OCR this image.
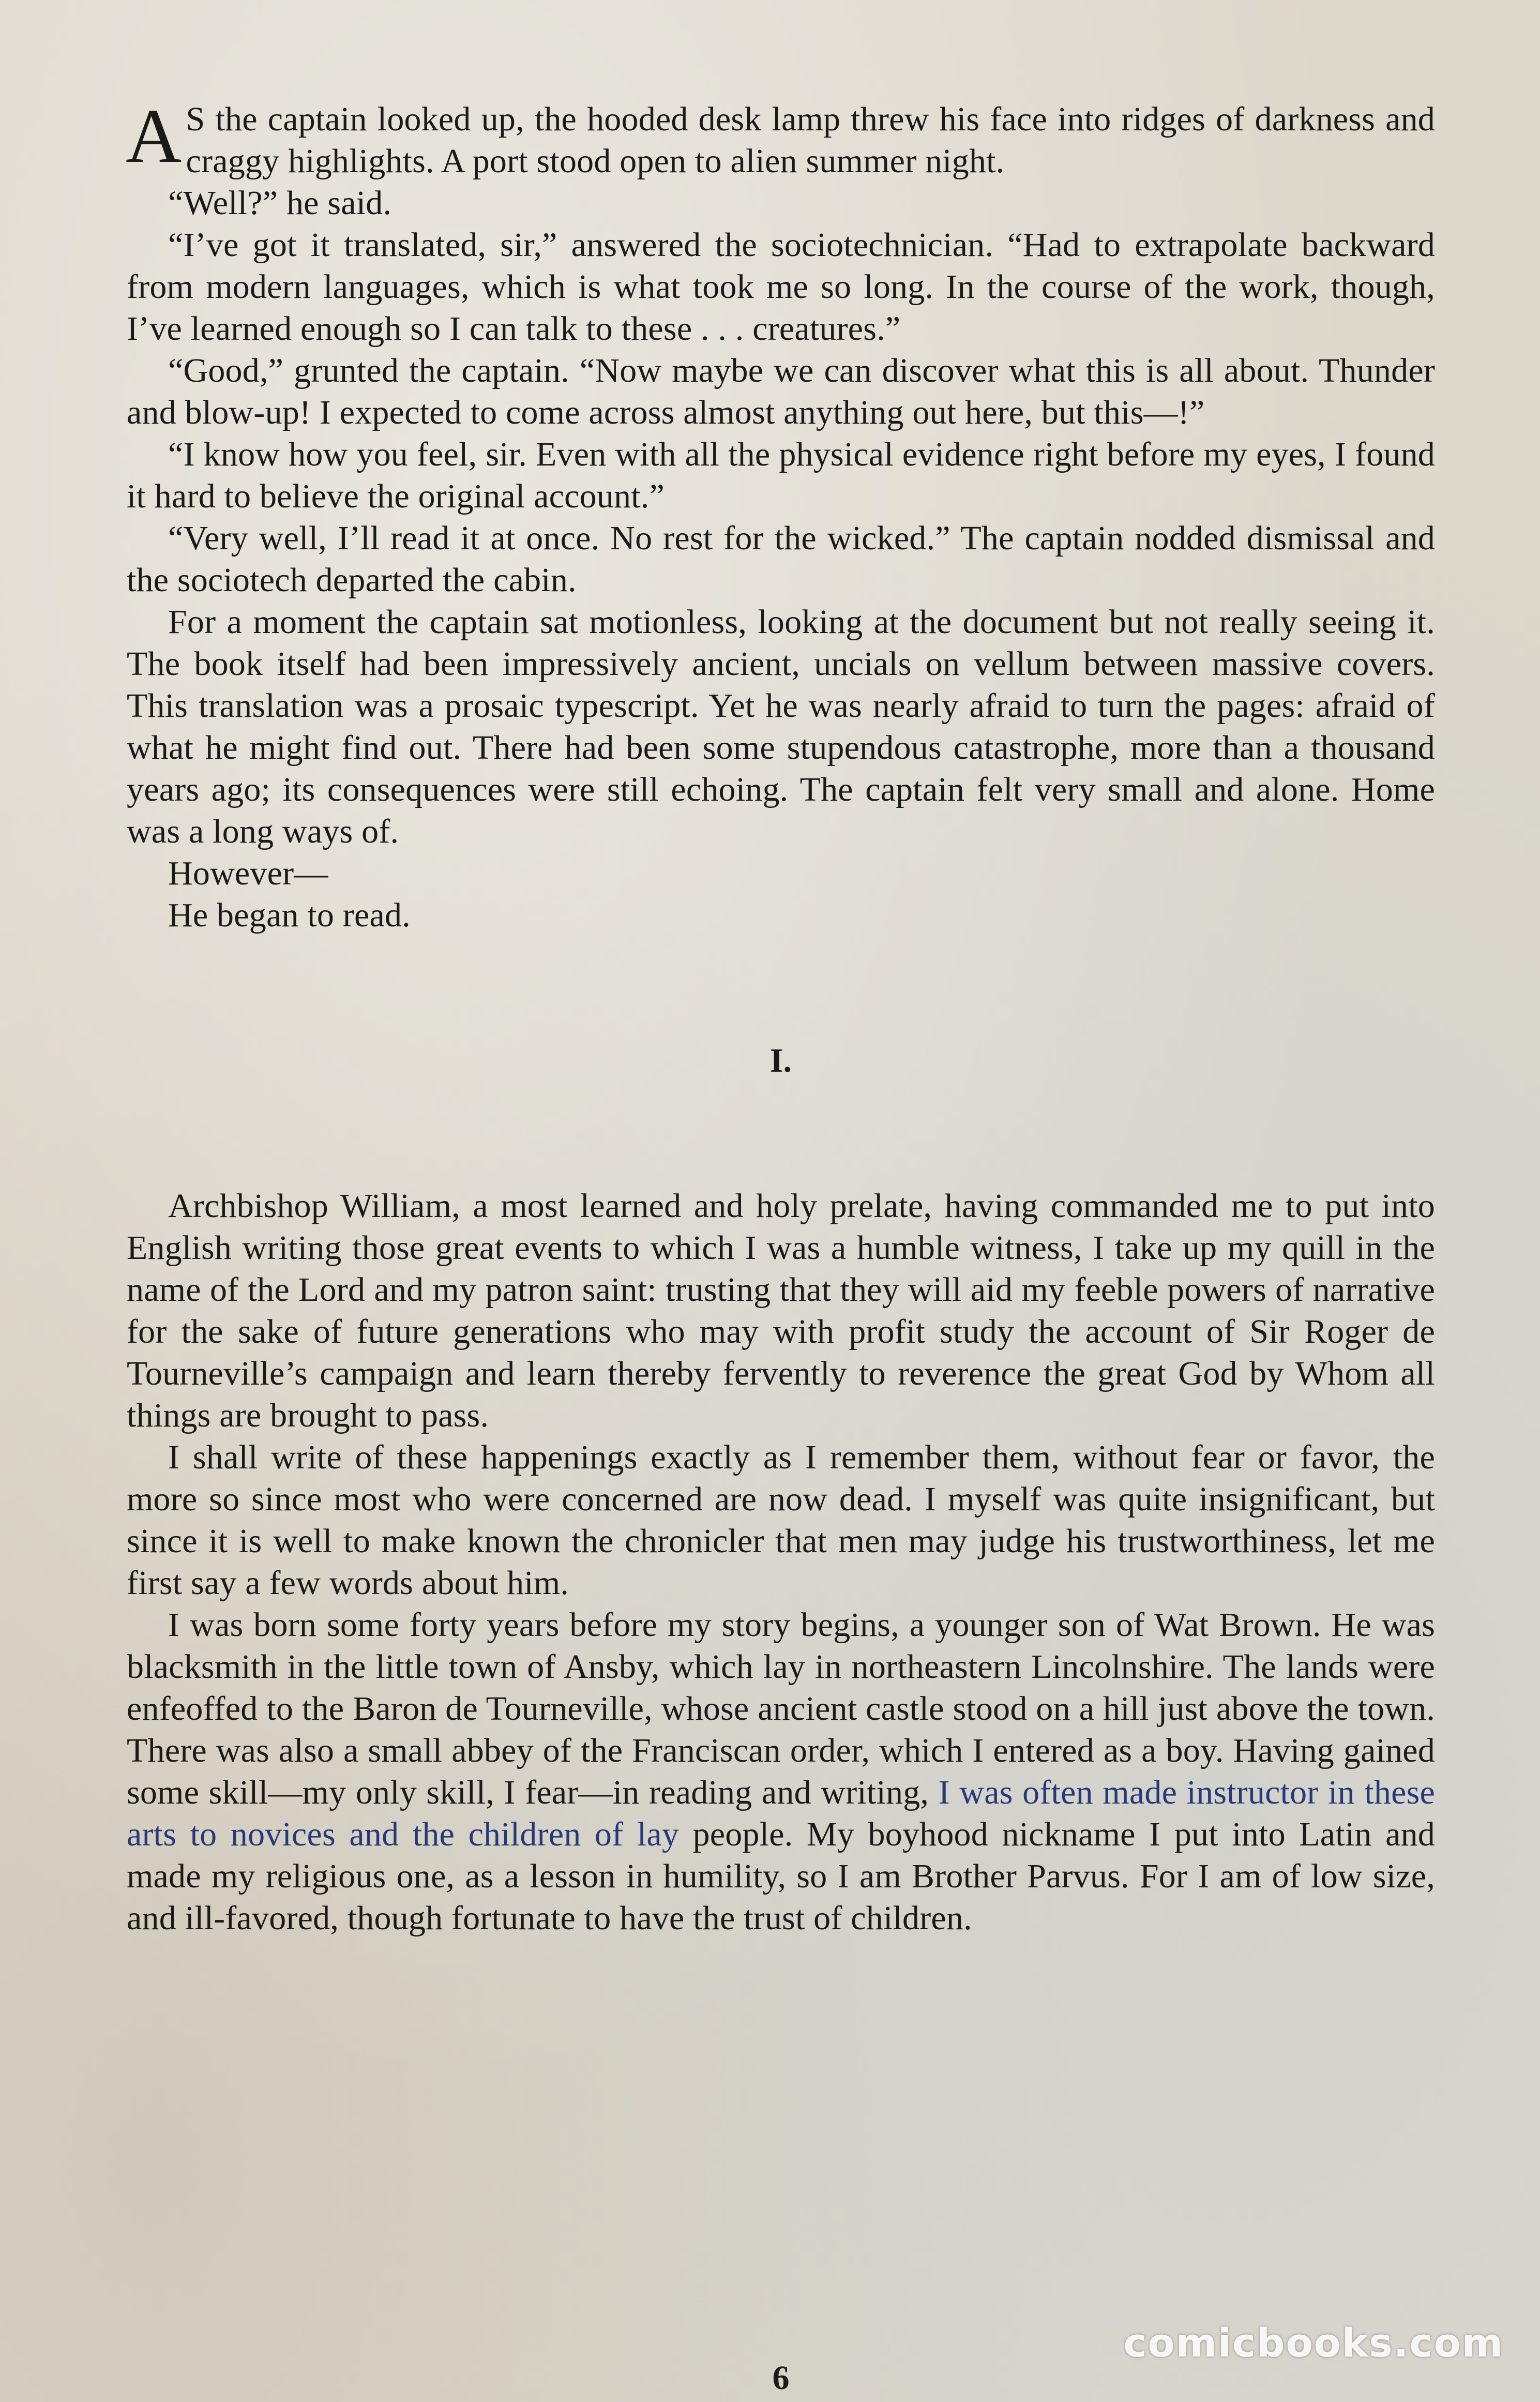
A S the captain looked up, the hooded desk lamp threw his face into ridges of darkness and craggy highlights. A port stood open to alien summer night.

“Well?” he said.

“I’ve got it translated, sir,” answered the sociotechnician. “Had to extrapolate backward from modern languages, which is what took me so long. In the course of the work, though, I’ve learned enough so I can talk to these . . . creatures.”

“Good,” grunted the captain. “Now maybe we can discover what this is all about. Thunder and blow-up! I expected to come across almost anything out here, but this—!”

“I know how you feel, sir. Even with all the physical evidence right before my eyes, I found it hard to believe the original account.”

“Very well, I’ll read it at once. No rest for the wicked.” The captain nodded dismissal and the sociotech departed the cabin.

For a moment the captain sat motionless, looking at the document but not really seeing it. The book itself had been impressively ancient, uncials on vellum between massive covers. This translation was a prosaic typescript. Yet he was nearly afraid to turn the pages: afraid of what he might find out. There had been some stupendous catastrophe, more than a thousand years ago; its consequences were still echoing. The captain felt very small and alone. Home was a long ways of.

However—

He began to read.

I.

Archbishop William, a most learned and holy prelate, having commanded me to put into English writing those great events to which I was a humble witness, I take up my quill in the name of the Lord and my patron saint: trusting that they will aid my feeble powers of narrative for the sake of future generations who may with profit study the account of Sir Roger de Tourneville’s campaign and learn thereby fervently to reverence the great God by Whom all things are brought to pass.

I shall write of these happenings exactly as I remember them, without fear or favor, the more so since most who were concerned are now dead. I myself was quite insignificant, but since it is well to make known the chronicler that men may judge his trustworthiness, let me first say a few words about him.

I was born some forty years before my story begins, a younger son of Wat Brown. He was blacksmith in the little town of Ansby, which lay in northeastern Lincolnshire. The lands were enfeoffed to the Baron de Tourneville, whose ancient castle stood on a hill just above the town. There was also a small abbey of the Franciscan order, which I entered as a boy. Having gained some skill—my only skill, I fear—in reading and writing, I was often made instructor in these arts to novices and the children of lay people. My boyhood nickname I put into Latin and made my religious one, as a lesson in humility, so I am Brother Parvus. For I am of low size, and ill-favored, though fortunate to have the trust of children.

6
comicbooks.com
